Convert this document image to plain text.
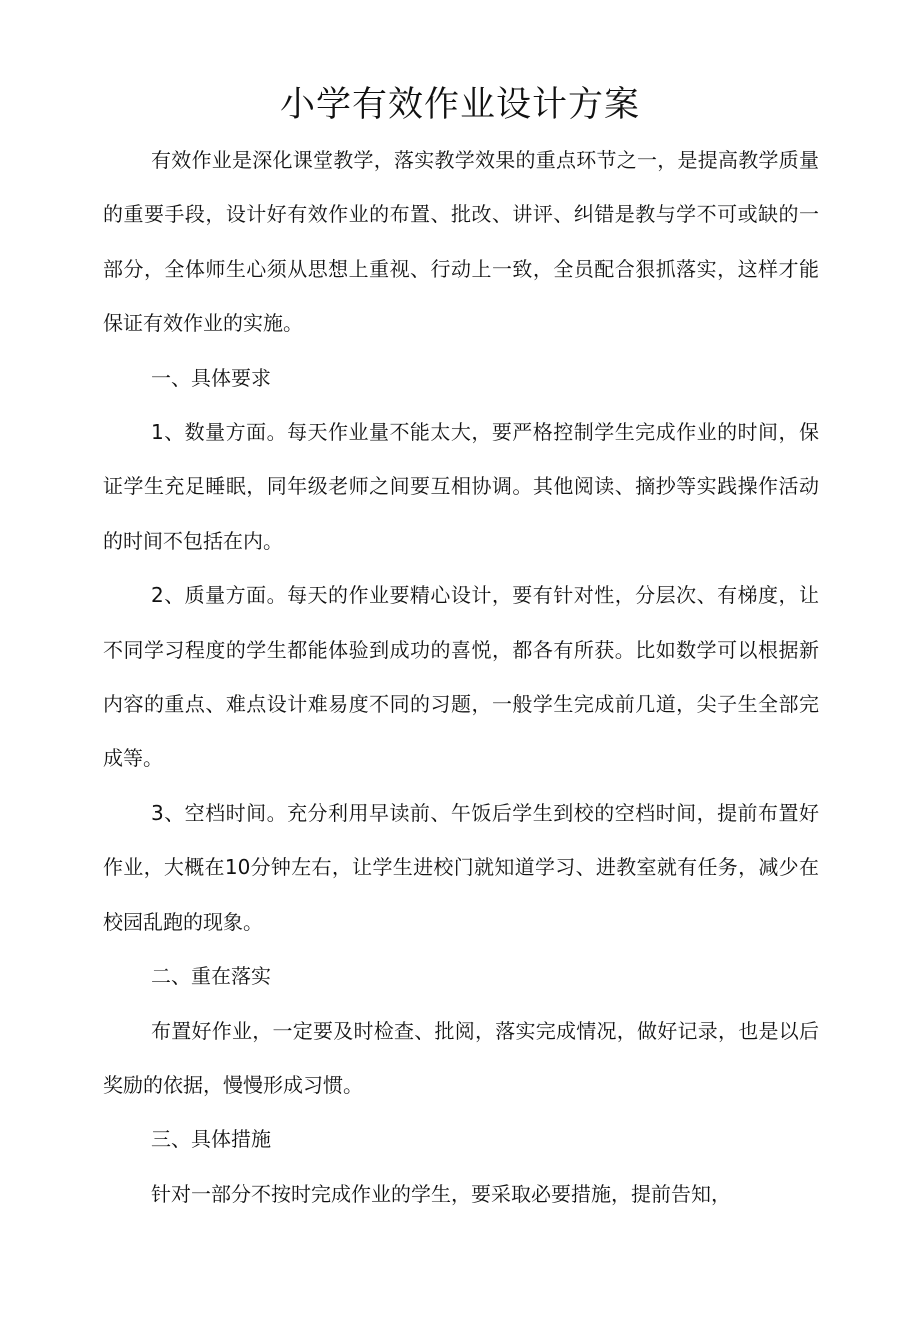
小学有效作业设计方案

有效作业是深化课堂教学，落实教学效果的重点环节之一，是提高教学质量的重要手段，设计好有效作业的布置、批改、讲评、纠错是教与学不可或缺的一部分，全体师生心须从思想上重视、行动上一致，全员配合狠抓落实，这样才能保证有效作业的实施。

一、具体要求

1、数量方面。每天作业量不能太大，要严格控制学生完成作业的时间，保证学生充足睡眠，同年级老师之间要互相协调。其他阅读、摘抄等实践操作活动的时间不包括在内。

2、质量方面。每天的作业要精心设计，要有针对性，分层次、有梯度，让不同学习程度的学生都能体验到成功的喜悦，都各有所获。比如数学可以根据新内容的重点、难点设计难易度不同的习题，一般学生完成前几道，尖子生全部完成等。

3、空档时间。充分利用早读前、午饭后学生到校的空档时间，提前布置好作业，大概在10分钟左右，让学生进校门就知道学习、进教室就有任务，减少在校园乱跑的现象。

二、重在落实

布置好作业，一定要及时检查、批阅，落实完成情况，做好记录，也是以后奖励的依据，慢慢形成习惯。

三、具体措施

针对一部分不按时完成作业的学生，要采取必要措施，提前告知，
